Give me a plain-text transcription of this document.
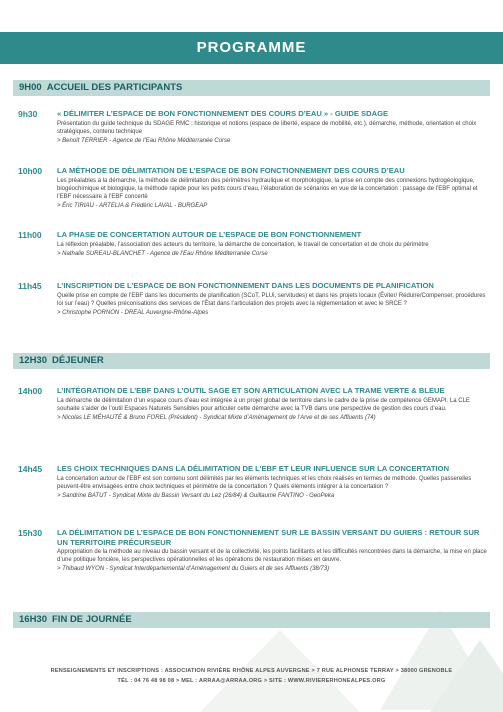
PROGRAMME
9H00 ACCUEIL DES PARTICIPANTS
9h30	« DÉLIMITER L’ESPACE DE BON FONCTIONNEMENT DES COURS D’EAU » - GUIDE SDAGE
Présentation du guide technique du SDAGE RMC : historique et notions (espace de liberté, espace de mobilité, etc.), démarche, méthode, orientation et choix stratégiques, contenu technique
> Benoît TERRIER - Agence de l’Eau Rhône Méditerranée Corse
10h00	LA MÉTHODE DE DÉLIMITATION DE L’ESPACE DE BON FONCTIONNEMENT DES COURS D’EAU
Les préalables à la démarche, la méthode de délimitation des périmètres hydraulique et morphologique, la prise en compte des connexions hydrogéologique, biogéochimique et biologique, la méthode rapide pour les petits cours d’eau, l’élaboration de scénarios en vue de la concertation : passage de l’EBF optimal et l’EBF nécessaire à l’EBF concerté
> Éric TIRIAU - ARTELIA & Frédéric LAVAL - BURGEAP
11h00	LA PHASE DE CONCERTATION AUTOUR DE L’ESPACE DE BON FONCTIONNEMENT
La réflexion préalable, l’association des acteurs du territoire, la démarche de concertation, le travail de concertation et de choix du périmètre
> Nathalie SUREAU-BLANCHET - Agence de l’Eau Rhône Méditerranée Corse
11h45	L’INSCRIPTION DE L’ESPACE DE BON FONCTIONNEMENT DANS LES DOCUMENTS DE PLANIFICATION
Quelle prise en compte de l’EBF dans les documents de planification (SCoT, PLUi, servitudes) et dans les projets locaux (Éviter/ Réduire/Compenser, procédures loi sur l’eau) ? Quelles préconisations des services de l’État dans l’articulation des projets avec la réglementation et avec le SRCE ?
> Christophe PORNON - DREAL Auvergne-Rhône-Alpes
12H30 DÉJEUNER
14h00	L’INTÉGRATION DE L’EBF DANS L’OUTIL SAGE ET SON ARTICULATION AVEC LA TRAME VERTE & BLEUE
La démarche de délimitation d’un espace cours d’eau est intégrée à un projet global de territoire dans le cadre de la prise de compétence GEMAPI. La CLE souhaite s’aider de l’outil Espaces Naturels Sensibles pour articuler cette démarche avec la TVB dans une perspective de gestion des cours d’eau.
> Nicolas LE MÉHAUTÉ & Bruno FOREL (Président) - Syndicat Mixte d’Aménagement de l’Arve et de ses Affluents (74)
14h45	LES CHOIX TECHNIQUES DANS LA DÉLIMITATION DE L’EBF ET LEUR INFLUENCE SUR LA CONCERTATION
La concertation autour de l’EBF est son contenu sont délimités par les éléments techniques et les choix réalisés en termes de méthode. Quelles passerelles peuvent-être envisagées entre choix techniques et périmètre de la concertation ? Quels éléments intégrer à la concertation ?
> Sandrine BATUT - Syndicat Mixte du Bassin Versant du Lez (26/84) & Guillaume FANTINO - GeoPeka
15h30	LA DÉLIMITATION DE L’ESPACE DE BON FONCTIONNEMENT SUR LE BASSIN VERSANT DU GUIERS : RETOUR SUR UN TERRITOIRE PRÉCURSEUR
Appropriation de la méthode au niveau du bassin versant et de la collectivité, les points facilitants et les difficultés rencontrées dans la démarche, la mise en place d’une politique foncière, les perspectives opérationnelles et les opérations de restauration mises en œuvre.
> Thibaud WYON - Syndicat Interdépartemental d’Aménagement du Guiers et de ses Affluents (38/73)
16H30 FIN DE JOURNÉE
RENSEIGNEMENTS ET INSCRIPTIONS : ASSOCIATION RIVIÈRE RHÔNE ALPES AUVERGNE > 7 RUE ALPHONSE TERRAY > 38000 GRENOBLE
TÉL : 04 76 48 98 08 > MEL : ARRAA@ARRAA.ORG > SITE : WWW.RIVIERERHONEALPES.ORG
